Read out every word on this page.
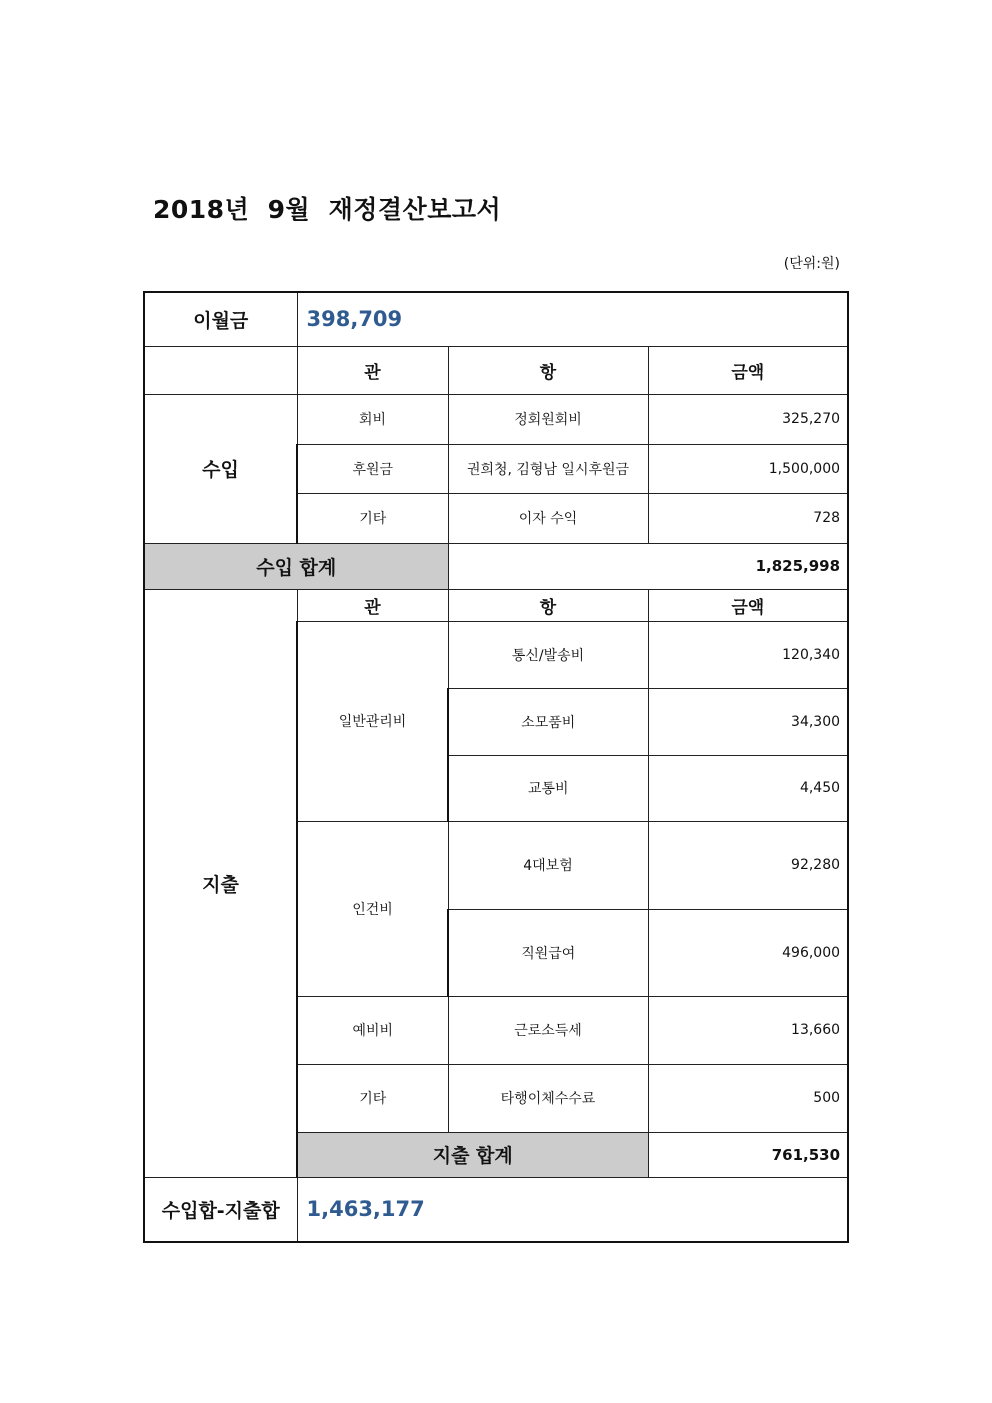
2018년  9월  재정결산보고서
(단위:원)
이월금	398,709		
	관	항	금액
수입	회비	정회원회비	325,270
	후원금	권희청, 김형남 일시후원금	1,500,000
	기타	이자 수익	728
수입 합계		1,825,998	
지출	관	항	금액
	일반관리비	통신/발송비	120,340
		소모품비	34,300
		교통비	4,450
	인건비	4대보험	92,280
		직원급여	496,000
	예비비	근로소득세	13,660
	기타	타행이체수수료	500
	지출 합계		761,530
수입합-지출합	1,463,177		
